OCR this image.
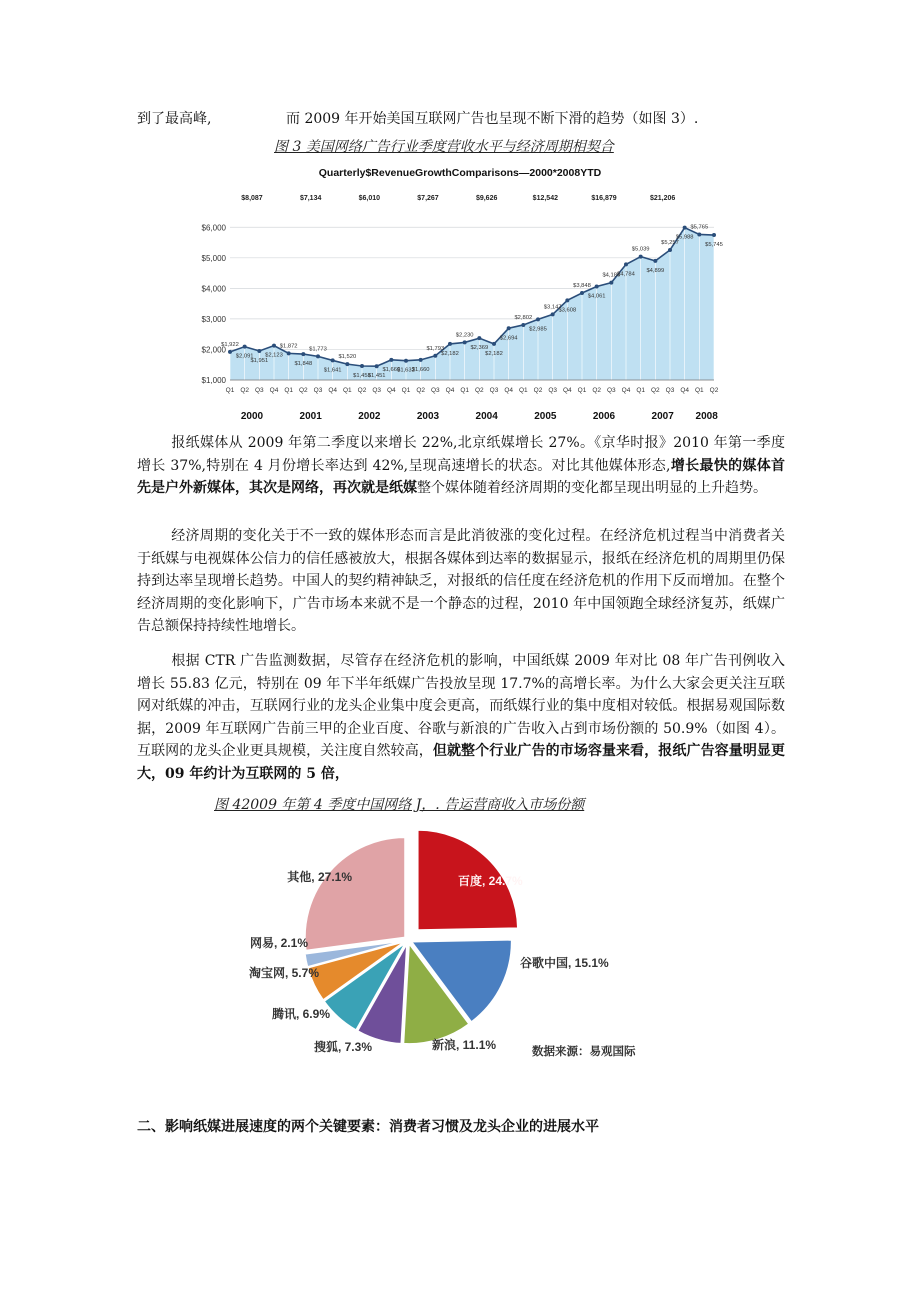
到了最高峰,	而 2009 年开始美国互联网广告也呈现不断下滑的趋势（如图 3）.
图 3 美国网络广告行业季度营收水平与经济周期相契合
Quarterly$RevenueGrowthComparisons—2000*2008YTD
$8,087	$7,134	$6,010	$7,267	$9,626	$12,542	$16,879	$21,206
$1,922
$2,091
$1,951
$2,123
$1,872
$1,848
$1,773
$1,641
$1,520
$1,458
$1,451
$1,660
$1,632
$1,660
$1,793
$2,182
$2,230
$2,369
$2,182
$2,694
$2,802
$2,985
$3,147
$3,608
$3,848
$4,061
$4,186
$4,784
$5,039
$4,899
$5,257
$5,988
$5,765
$5,745
$1,000
$2,000
$3,000
$4,000
$5,000
$6,000
Q1 Q2 Q3 Q4 Q1 Q2 Q3 Q4 Q1 Q2 Q3 Q4 Q1 Q2 Q3 Q4 Q1 Q2 Q3 Q4 Q1 Q2 Q3 Q4 Q1 Q2 Q3 Q4 Q1 Q2 Q3 Q4 Q1 Q2
2000	2001	2002	2003	2004	2005	2006	2007 2008
报纸媒体从 2009 年第二季度以来增长 22%,北京纸媒增长 27%。《京华时报》2010 年第一季度增长 37%,特别在 4 月份增长率达到 42%,呈现高速增长的状态。对比其他媒体形态,增长最快的媒体首先是户外新媒体，其次是网络，再次就是纸媒整个媒体随着经济周期的变化都呈现出明显的上升趋势。
经济周期的变化关于不一致的媒体形态而言是此消彼涨的变化过程。在经济危机过程当中消费者关于纸媒与电视媒体公信力的信任感被放大，根据各媒体到达率的数据显示，报纸在经济危机的周期里仍保持到达率呈现增长趋势。中国人的契约精神缺乏，对报纸的信任度在经济危机的作用下反而增加。在整个经济周期的变化影响下，广告市场本来就不是一个静态的过程，2010 年中国领跑全球经济复苏，纸媒广告总额保持持续性地增长。
根据 CTR 广告监测数据，尽管存在经济危机的影响，中国纸媒 2009 年对比 08 年广告刊例收入增长 55.83 亿元，特别在 09 年下半年纸媒广告投放呈现 17.7%的高增长率。为什么大家会更关注互联网对纸媒的冲击，互联网行业的龙头企业集中度会更高，而纸媒行业的集中度相对较低。根据易观国际数据，2009 年互联网广告前三甲的企业百度、谷歌与新浪的广告收入占到市场份额的 50.9%（如图 4）。互联网的龙头企业更具规模，关注度自然较高，但就整个行业广告的市场容量来看，报纸广告容量明显更大，09 年约计为互联网的 5 倍，
图 42009 年第 4 季度中国网络 J，. 告运营商收入市场份额
百度, 24.7%
谷歌中国, 15.1%
新浪, 11.1%
搜狐, 7.3%
腾讯, 6.9%
淘宝网, 5.7%
网易, 2.1%
其他, 27.1%
数据来源：易观国际
二、影响纸媒进展速度的两个关键要素：消费者习惯及龙头企业的进展水平
